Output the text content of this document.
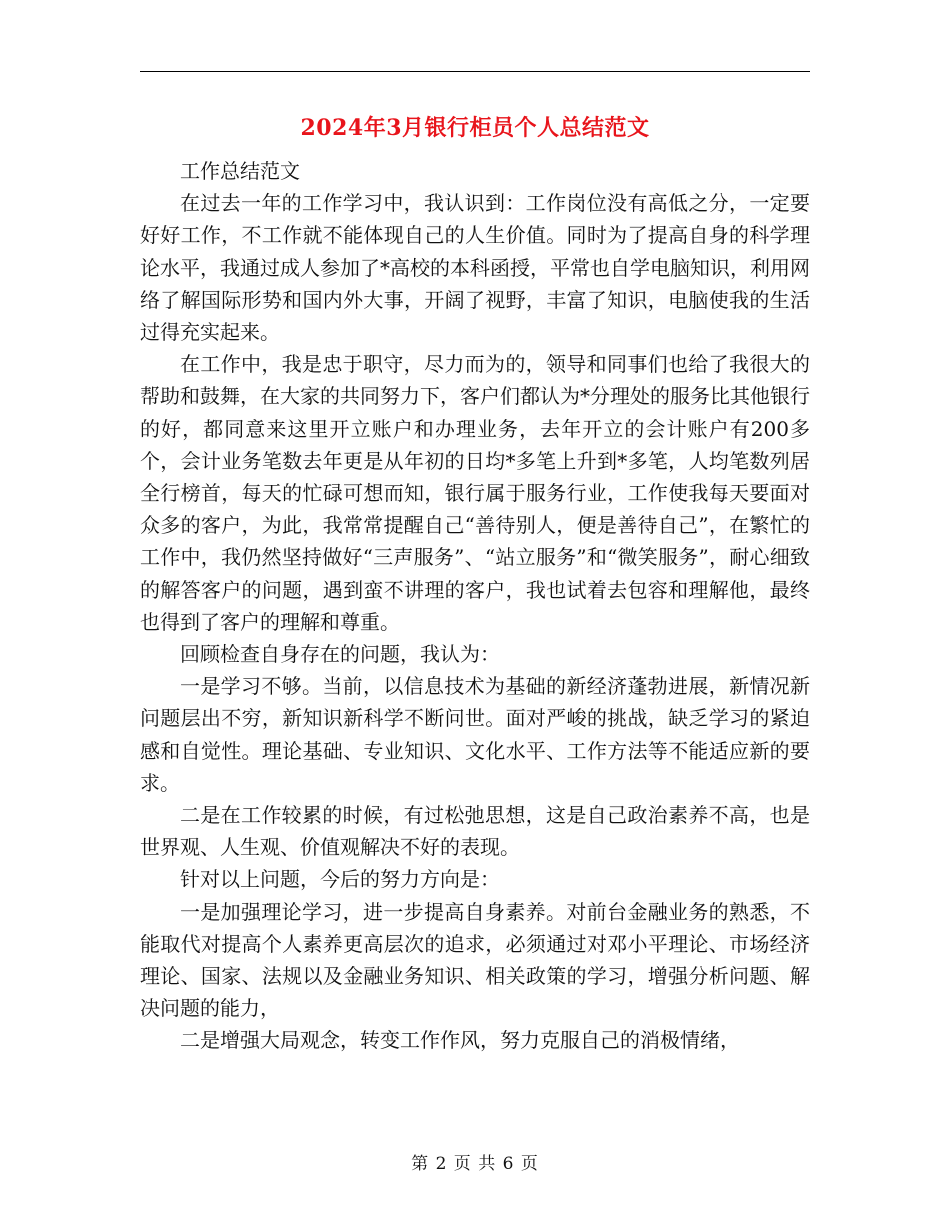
2024年3月银行柜员个人总结范文

工作总结范文

在过去一年的工作学习中，我认识到：工作岗位没有高低之分，一定要好好工作，不工作就不能体现自己的人生价值。同时为了提高自身的科学理论水平，我通过成人参加了*高校的本科函授，平常也自学电脑知识，利用网络了解国际形势和国内外大事，开阔了视野，丰富了知识，电脑使我的生活过得充实起来。

在工作中，我是忠于职守，尽力而为的，领导和同事们也给了我很大的帮助和鼓舞，在大家的共同努力下，客户们都认为*分理处的服务比其他银行的好，都同意来这里开立账户和办理业务，去年开立的会计账户有200多个，会计业务笔数去年更是从年初的日均*多笔上升到*多笔，人均笔数列居全行榜首，每天的忙碌可想而知，银行属于服务行业，工作使我每天要面对众多的客户，为此，我常常提醒自己“善待别人，便是善待自己”，在繁忙的工作中，我仍然坚持做好“三声服务”、“站立服务”和“微笑服务”，耐心细致的解答客户的问题，遇到蛮不讲理的客户，我也试着去包容和理解他，最终也得到了客户的理解和尊重。

回顾检查自身存在的问题，我认为：

一是学习不够。当前，以信息技术为基础的新经济蓬勃进展，新情况新问题层出不穷，新知识新科学不断问世。面对严峻的挑战，缺乏学习的紧迫感和自觉性。理论基础、专业知识、文化水平、工作方法等不能适应新的要求。

二是在工作较累的时候，有过松弛思想，这是自己政治素养不高，也是世界观、人生观、价值观解决不好的表现。

针对以上问题，今后的努力方向是：

一是加强理论学习，进一步提高自身素养。对前台金融业务的熟悉，不能取代对提高个人素养更高层次的追求，必须通过对邓小平理论、市场经济理论、国家、法规以及金融业务知识、相关政策的学习，增强分析问题、解决问题的能力，

二是增强大局观念，转变工作作风，努力克服自己的消极情绪，

第 2 页 共 6 页
